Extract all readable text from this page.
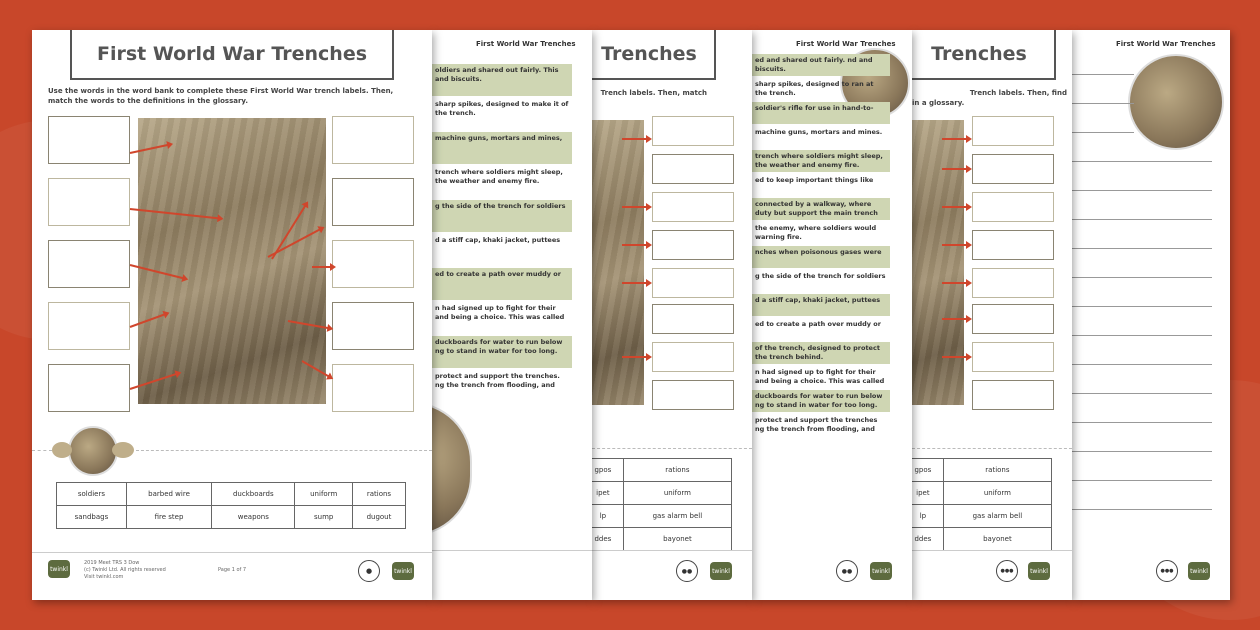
First World War Trenches
twinkl
●●●
Trenches
Trench labels. Then, find
in a glossary.
gpos	rations
ipet	uniform
lp	gas alarm bell
ddes	bayonet
●●●	twinkl
First World War Trenches
ed and shared out fairly. nd and biscuits.
sharp spikes, designed to ran at the trench.
soldier's rifle for use in hand-to-
machine guns, mortars and mines.
trench where soldiers might sleep, the weather and enemy fire.
ed to keep important things like
connected by a walkway, where duty but support the main trench
the enemy, where soldiers would warning fire.
nches when poisonous gases were
g the side of the trench for soldiers
d a stiff cap, khaki jacket, puttees
ed to create a path over muddy or
of the trench, designed to protect the trench behind.
n had signed up to fight for their and being a choice. This was called
duckboards for water to run below ng to stand in water for too long.
protect and support the trenches ng the trench from flooding, and
●●	twinkl
Trenches
Trench labels. Then, match
gpos	rations
ipet	uniform
lp	gas alarm bell
ddes	bayonet
●●	twinkl
First World War Trenches
oldiers and shared out fairly. This and biscuits.
sharp spikes, designed to make it of the trench.
machine guns, mortars and mines,
trench where soldiers might sleep, the weather and enemy fire.
g the side of the trench for soldiers
d a stiff cap, khaki jacket, puttees
ed to create a path over muddy or
n had signed up to fight for their and being a choice. This was called
duckboards for water to run below ng to stand in water for too long.
protect and support the trenches. ng the trench from flooding, and
First World War Trenches
Use the words in the word bank to complete these First World War trench labels. Then, match the words to the definitions in the glossary.
soldiers	barbed wire	duckboards	uniform	rations
sandbags	fire step	weapons	sump	dugout
twinkl
2019 Meet TRS 3 Dow
(c) Twinkl Ltd. All rights reserved
Visit twinkl.com
Page 1 of 7	●	twinkl
